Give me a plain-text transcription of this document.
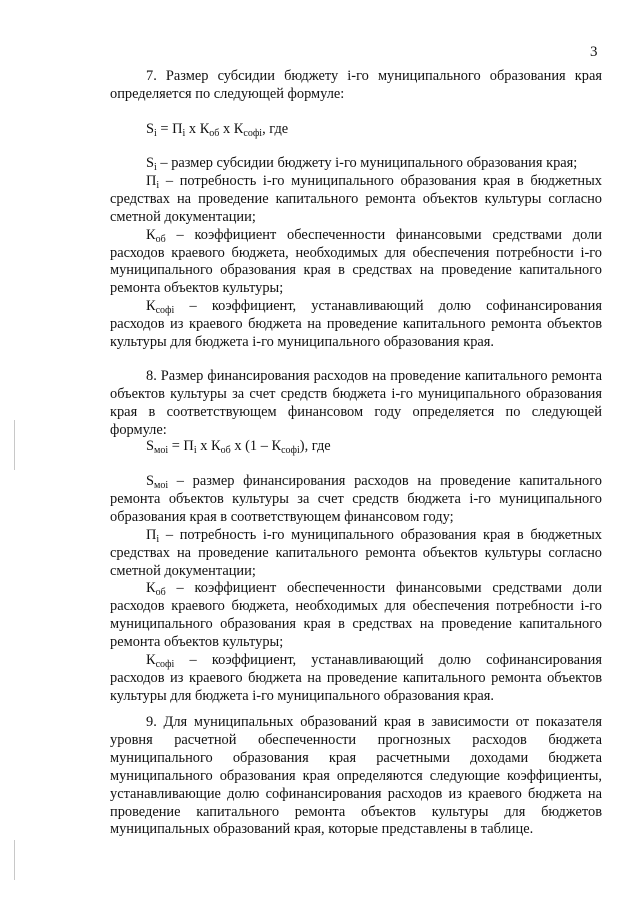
3

7. Размер субсидии бюджету i-го муниципального образования края определяется по следующей формуле:

$S_i = П_i$ х $К_{об}$ х $К_{софi}$, где

$S_i$ – размер субсидии бюджету i-го муниципального образования края;

$П_i$ – потребность i-го муниципального образования края в бюджетных средствах на проведение капитального ремонта объектов культуры согласно сметной документации;

$К_{об}$ – коэффициент обеспеченности финансовыми средствами доли расходов краевого бюджета, необходимых для обеспечения потребности i-го муниципального образования края в средствах на проведение капитального ремонта объектов культуры;

$К_{софi}$ – коэффициент, устанавливающий долю софинансирования расходов из краевого бюджета на проведение капитального ремонта объектов культуры для бюджета i-го муниципального образования края.

8. Размер финансирования расходов на проведение капитального ремонта объектов культуры за счет средств бюджета i-го муниципального образования края в соответствующем финансовом году определяется по следующей формуле:

$S_{моi} = П_i$ х $К_{об}$ х $(1 - К_{софi})$, где

$S_{моi}$ – размер финансирования расходов на проведение капитального ремонта объектов культуры за счет средств бюджета i-го муниципального образования края в соответствующем финансовом году;

$П_i$ – потребность i-го муниципального образования края в бюджетных средствах на проведение капитального ремонта объектов культуры согласно сметной документации;

$К_{об}$ – коэффициент обеспеченности финансовыми средствами доли расходов краевого бюджета, необходимых для обеспечения потребности i-го муниципального образования края в средствах на проведение капитального ремонта объектов культуры;

$К_{софi}$ – коэффициент, устанавливающий долю софинансирования расходов из краевого бюджета на проведение капитального ремонта объектов культуры для бюджета i-го муниципального образования края.

9. Для муниципальных образований края в зависимости от показателя уровня расчетной обеспеченности прогнозных расходов бюджета муниципального образования края расчетными доходами бюджета муниципального образования края определяются следующие коэффициенты, устанавливающие долю софинансирования расходов из краевого бюджета на проведение капитального ремонта объектов культуры для бюджетов муниципальных образований края, которые представлены в таблице.
